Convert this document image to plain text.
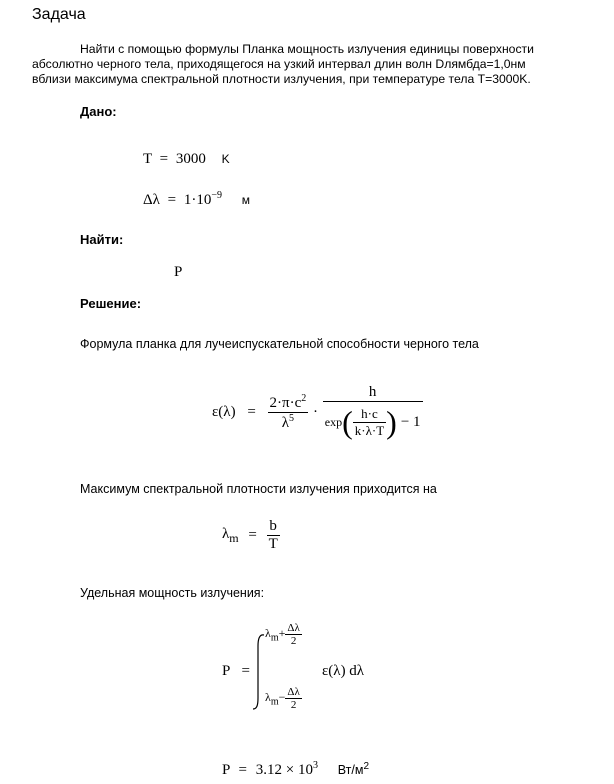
Задача
Найти с помощью формулы Планка мощность излучения единицы поверхности
абсолютно черного тела, приходящегося на узкий интервал длин волн Dлямбда=1,0нм
вблизи максимума спектральной плотности излучения, при температуре тела T=3000K.
Дано:
T = 3000 K
$\Delta\lambda = 1\cdot 10^{-9}$ м
Найти:
P
Решение:
Формула планка для лучеиспускательной способности черного тела
$\varepsilon(\lambda) = \frac{2\cdot\pi\cdot c^2}{\lambda^5} \cdot \frac{h}{\exp( \frac{h\cdot c}{k\cdot\lambda\cdot T} ) - 1}$
Максимум спектральной плотности излучения приходится на
$\lambda_m = \frac{b}{T}$
Удельная мощность излучения:
P =
$\lambda_m+ \frac{\Delta\lambda}{2}$
$\lambda_m- \frac{\Delta\lambda}{2}$
ε(λ) dλ
$P = 3.12 \times 10^3$ $Вт/м^2$
